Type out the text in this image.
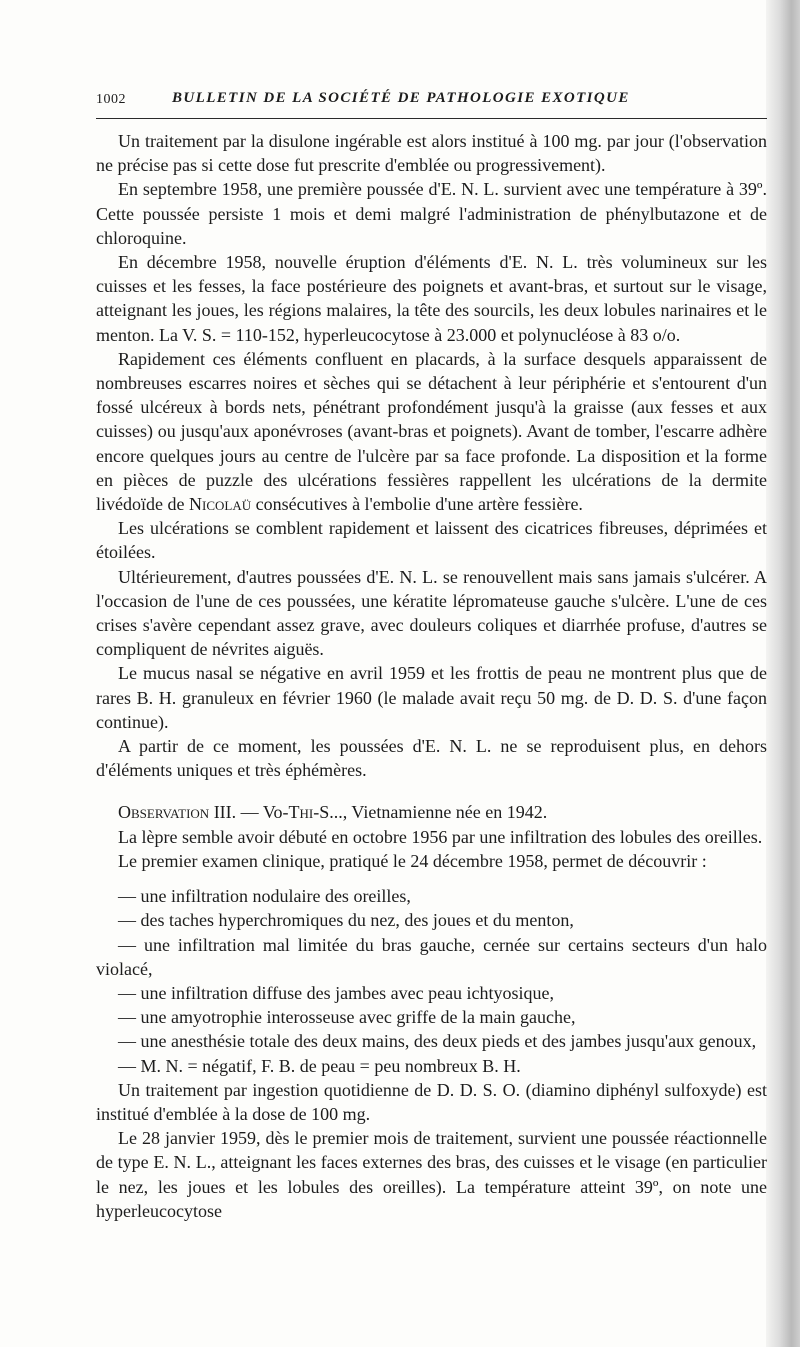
1002	BULLETIN DE LA SOCIÉTÉ DE PATHOLOGIE EXOTIQUE

Un traitement par la disulone ingérable est alors institué à 100 mg. par jour (l'observation ne précise pas si cette dose fut prescrite d'emblée ou progressivement).

En septembre 1958, une première poussée d'E. N. L. survient avec une température à 39º. Cette poussée persiste 1 mois et demi malgré l'administration de phénylbutazone et de chloroquine.

En décembre 1958, nouvelle éruption d'éléments d'E. N. L. très volumineux sur les cuisses et les fesses, la face postérieure des poignets et avant-bras, et surtout sur le visage, atteignant les joues, les régions malaires, la tête des sourcils, les deux lobules narinaires et le menton. La V. S. = 110-152, hyperleucocytose à 23.000 et polynucléose à 83 o/o.

Rapidement ces éléments confluent en placards, à la surface desquels apparaissent de nombreuses escarres noires et sèches qui se détachent à leur périphérie et s'entourent d'un fossé ulcéreux à bords nets, pénétrant profondément jusqu'à la graisse (aux fesses et aux cuisses) ou jusqu'aux aponévroses (avant-bras et poignets). Avant de tomber, l'escarre adhère encore quelques jours au centre de l'ulcère par sa face profonde. La disposition et la forme en pièces de puzzle des ulcérations fessières rappellent les ulcérations de la dermite livédoïde de Nicolaü consécutives à l'embolie d'une artère fessière.

Les ulcérations se comblent rapidement et laissent des cicatrices fibreuses, déprimées et étoilées.

Ultérieurement, d'autres poussées d'E. N. L. se renouvellent mais sans jamais s'ulcérer. A l'occasion de l'une de ces poussées, une kératite lépromateuse gauche s'ulcère. L'une de ces crises s'avère cependant assez grave, avec douleurs coliques et diarrhée profuse, d'autres se compliquent de névrites aiguës.

Le mucus nasal se négative en avril 1959 et les frottis de peau ne montrent plus que de rares B. H. granuleux en février 1960 (le malade avait reçu 50 mg. de D. D. S. d'une façon continue).

A partir de ce moment, les poussées d'E. N. L. ne se reproduisent plus, en dehors d'éléments uniques et très éphémères.

Observation III. — Vo-Thi-S..., Vietnamienne née en 1942.

La lèpre semble avoir débuté en octobre 1956 par une infiltration des lobules des oreilles.

Le premier examen clinique, pratiqué le 24 décembre 1958, permet de découvrir :

— une infiltration nodulaire des oreilles,

— des taches hyperchromiques du nez, des joues et du menton,

— une infiltration mal limitée du bras gauche, cernée sur certains secteurs d'un halo violacé,

— une infiltration diffuse des jambes avec peau ichtyosique,

— une amyotrophie interosseuse avec griffe de la main gauche,

— une anesthésie totale des deux mains, des deux pieds et des jambes jusqu'aux genoux,

— M. N. = négatif, F. B. de peau = peu nombreux B. H.

Un traitement par ingestion quotidienne de D. D. S. O. (diamino diphényl sulfoxyde) est institué d'emblée à la dose de 100 mg.

Le 28 janvier 1959, dès le premier mois de traitement, survient une poussée réactionnelle de type E. N. L., atteignant les faces externes des bras, des cuisses et le visage (en particulier le nez, les joues et les lobules des oreilles). La température atteint 39º, on note une hyperleucocytose
